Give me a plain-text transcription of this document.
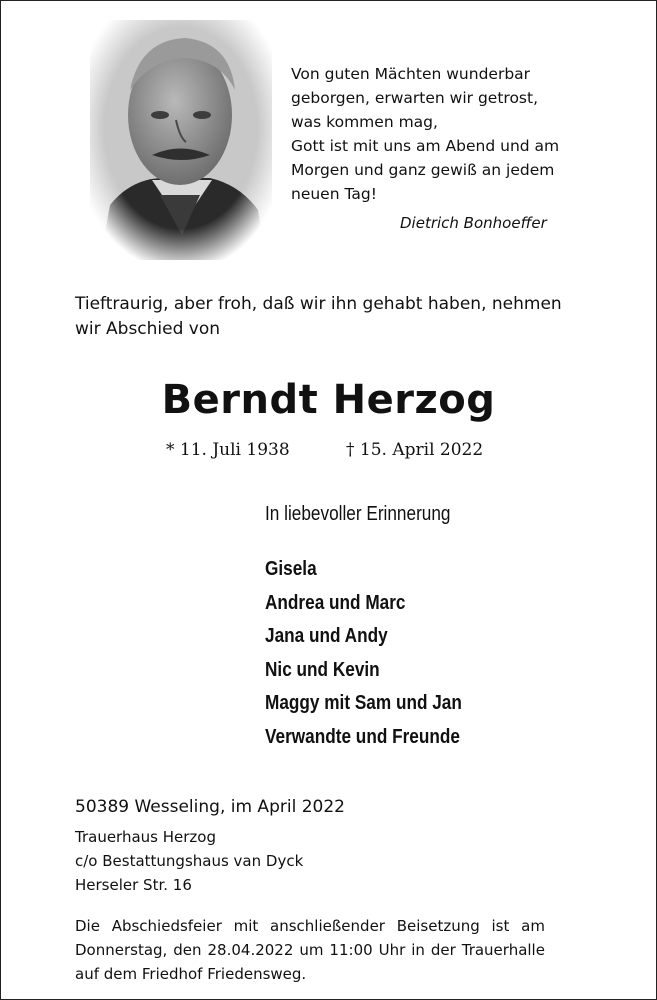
Von guten Mächten wunderbar
geborgen, erwarten wir getrost,
was kommen mag,
Gott ist mit uns am Abend und am
Morgen und ganz gewiß an jedem
neuen Tag!
Dietrich Bonhoeffer
Tieftraurig, aber froh, daß wir ihn gehabt haben, nehmen
wir Abschied von
Berndt Herzog
* 11. Juli 1938	† 15. April 2022
In liebevoller Erinnerung
Gisela
Andrea und Marc
Jana und Andy
Nic und Kevin
Maggy mit Sam und Jan
Verwandte und Freunde
50389 Wesseling, im April 2022
Trauerhaus Herzog
c/o Bestattungshaus van Dyck
Herseler Str. 16
Die Abschiedsfeier mit anschließender Beisetzung ist am
Donnerstag, den 28.04.2022 um 11:00 Uhr in der Trauerhalle
auf dem Friedhof Friedensweg.
